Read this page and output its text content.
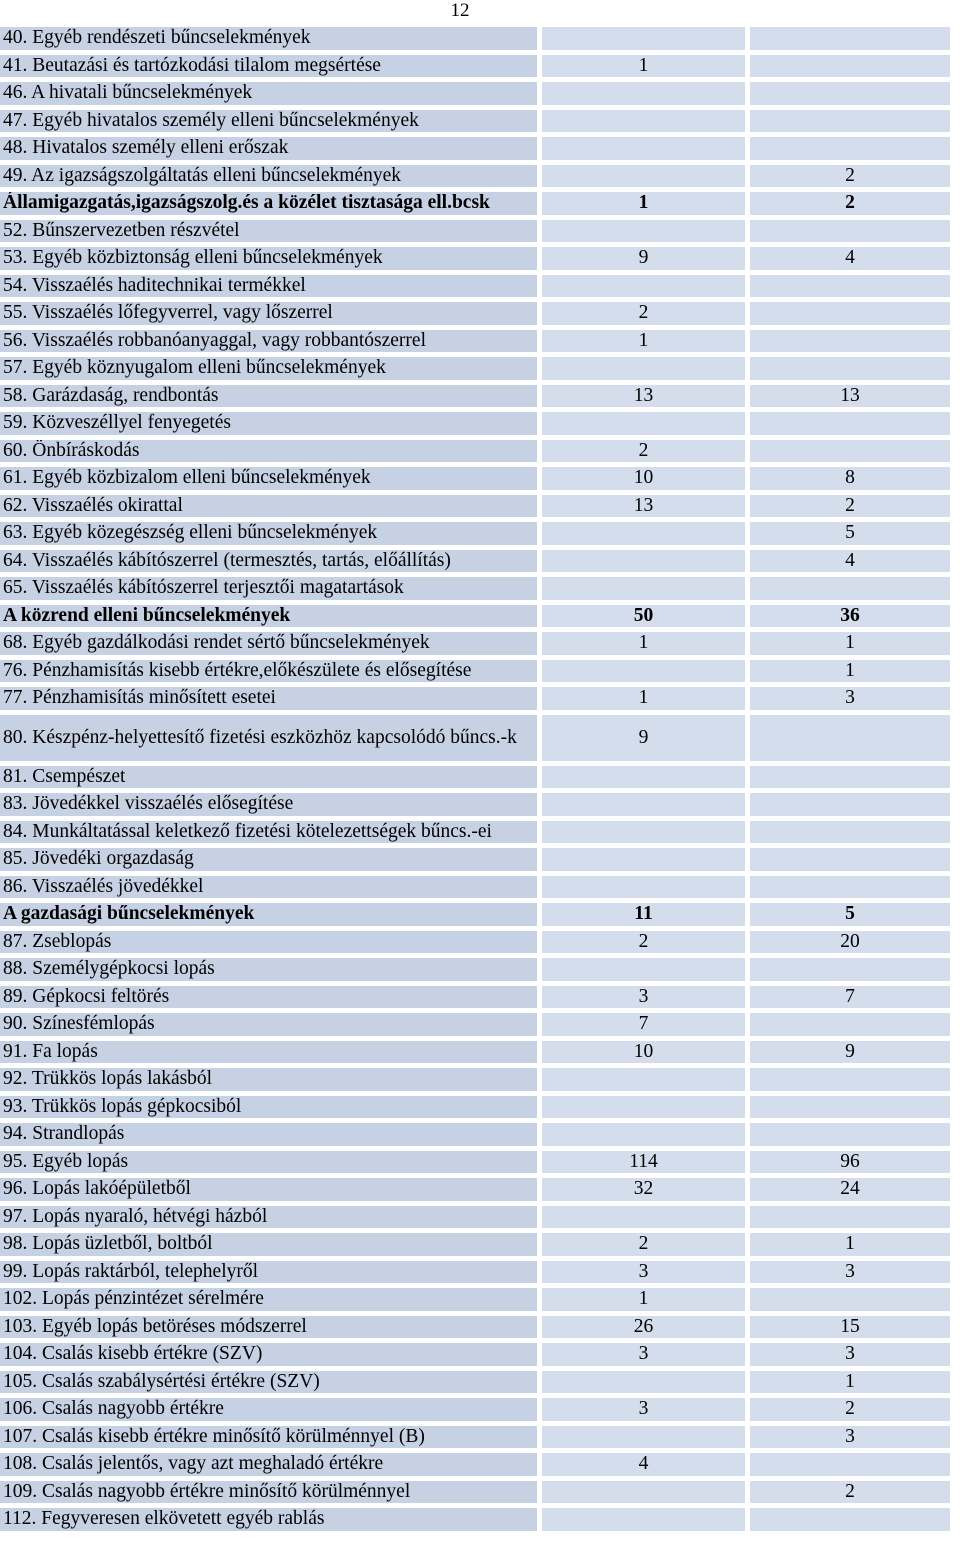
12
40. Egyéb rendészeti bűncselekmények		
41. Beutazási és tartózkodási tilalom megsértése	1	
46. A hivatali bűncselekmények		
47. Egyéb hivatalos személy elleni bűncselekmények		
48. Hivatalos személy elleni erőszak		
49. Az igazságszolgáltatás elleni bűncselekmények		2
Államigazgatás,igazságszolg.és a közélet tisztasága ell.bcsk	1	2
52. Bűnszervezetben részvétel		
53. Egyéb közbiztonság elleni bűncselekmények	9	4
54. Visszaélés haditechnikai termékkel		
55. Visszaélés lőfegyverrel, vagy lőszerrel	2	
56. Visszaélés robbanóanyaggal, vagy robbantószerrel	1	
57. Egyéb köznyugalom elleni bűncselekmények		
58. Garázdaság, rendbontás	13	13
59. Közveszéllyel fenyegetés		
60. Önbíráskodás	2	
61. Egyéb közbizalom elleni bűncselekmények	10	8
62. Visszaélés okirattal	13	2
63. Egyéb közegészség elleni bűncselekmények		5
64. Visszaélés kábítószerrel (termesztés, tartás, előállítás)		4
65. Visszaélés kábítószerrel terjesztői magatartások		
A közrend elleni bűncselekmények	50	36
68. Egyéb gazdálkodási rendet sértő bűncselekmények	1	1
76. Pénzhamisítás kisebb értékre,előkészülete és elősegítése		1
77. Pénzhamisítás minősített esetei	1	3
80. Készpénz-helyettesítő fizetési eszközhöz kapcsolódó bűncs.-k	9	
81. Csempészet		
83. Jövedékkel visszaélés elősegítése		
84. Munkáltatással keletkező fizetési kötelezettségek bűncs.-ei		
85. Jövedéki orgazdaság		
86. Visszaélés jövedékkel		
A gazdasági bűncselekmények	11	5
87. Zseblopás	2	20
88. Személygépkocsi lopás		
89. Gépkocsi feltörés	3	7
90. Színesfémlopás	7	
91. Fa lopás	10	9
92. Trükkös lopás lakásból		
93. Trükkös lopás gépkocsiból		
94. Strandlopás		
95. Egyéb lopás	114	96
96. Lopás lakóépületből	32	24
97. Lopás nyaraló, hétvégi házból		
98. Lopás üzletből, boltból	2	1
99. Lopás raktárból, telephelyről	3	3
102. Lopás pénzintézet sérelmére	1	
103. Egyéb lopás betöréses módszerrel	26	15
104. Csalás kisebb értékre (SZV)	3	3
105. Csalás szabálysértési értékre (SZV)		1
106. Csalás nagyobb értékre	3	2
107. Csalás kisebb értékre minősítő körülménnyel (B)		3
108. Csalás jelentős, vagy azt meghaladó értékre	4	
109. Csalás nagyobb értékre minősítő körülménnyel		2
112. Fegyveresen elkövetett egyéb rablás		
